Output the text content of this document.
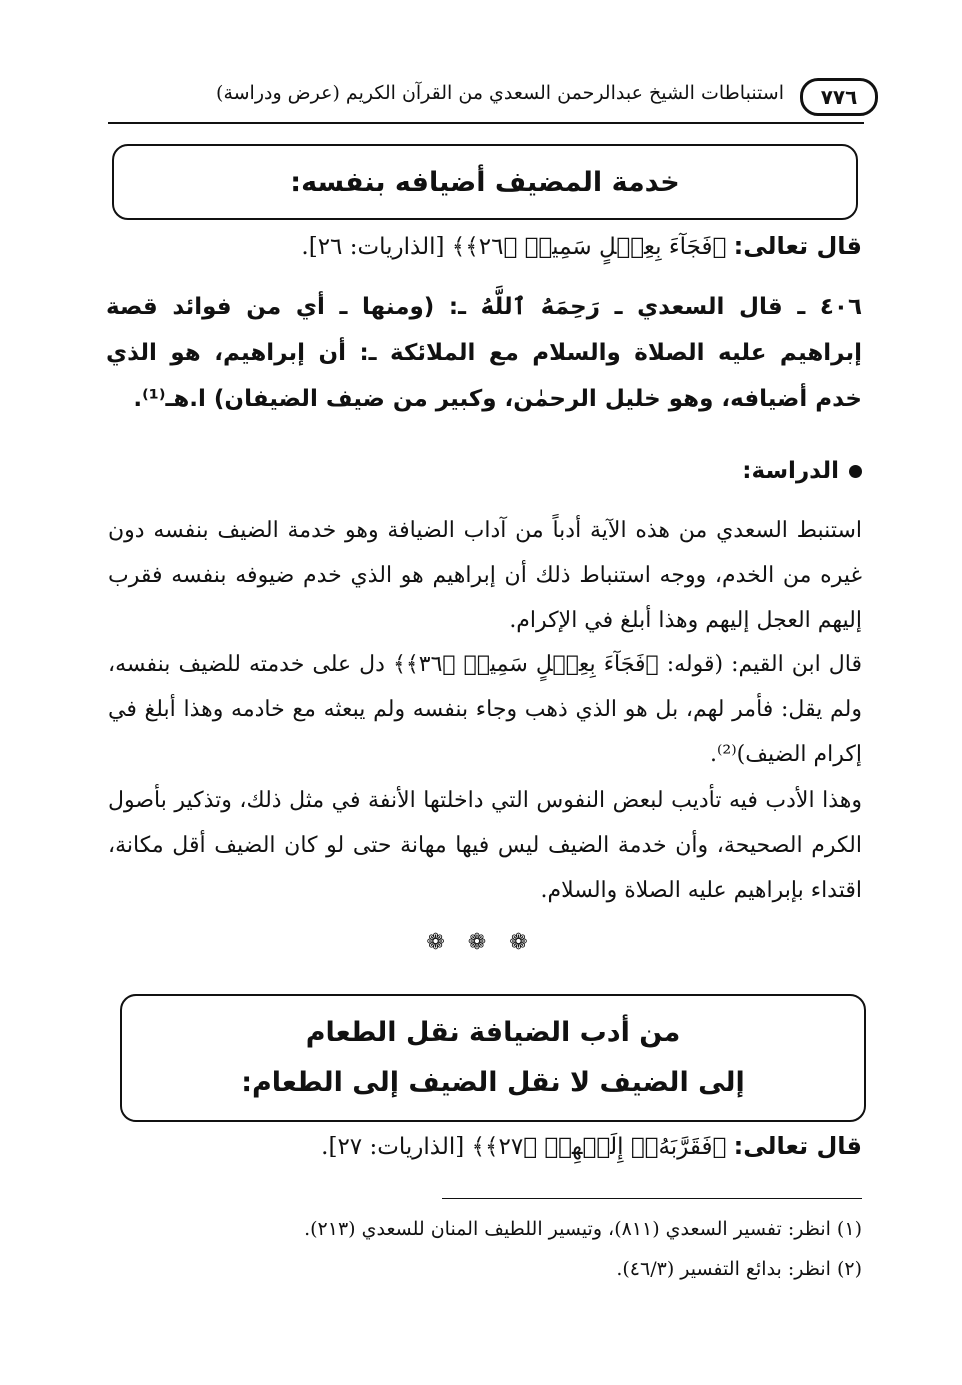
٧٧٦
استنباطات الشيخ عبدالرحمن السعدي من القرآن الكريم (عرض ودراسة)
خدمة المضيف أضيافه بنفسه:
قال تعالى: ﴿فَجَآءَ بِعِجۡلٍ سَمِينٖ ﴿٢٦﴾﴾ [الذاريات: ٢٦].
٤٠٦ ـ قال السعدي ـ رَحِمَهُ ٱللَّهُ ـ: (ومنها ـ أي من فوائد قصة إبراهيم عليه الصلاة والسلام مع الملائكة ـ: أن إبراهيم، هو الذي خدم أضيافه، وهو خليل الرحمٰن، وكبير من ضيف الضيفان) ا.هـ⁽¹⁾.
الدراسة:
استنبط السعدي من هذه الآية أدباً من آداب الضيافة وهو خدمة الضيف بنفسه دون غيره من الخدم، ووجه استنباط ذلك أن إبراهيم هو الذي خدم ضيوفه بنفسه فقرب إليهم العجل إليهم وهذا أبلغ في الإكرام.
قال ابن القيم: (قوله: ﴿فَجَآءَ بِعِجۡلٍ سَمِينٖ ﴿٣٦﴾﴾ دل على خدمته للضيف بنفسه، ولم يقل: فأمر لهم، بل هو الذي ذهب وجاء بنفسه ولم يبعثه مع خادمه وهذا أبلغ في إكرام الضيف)⁽²⁾.
وهذا الأدب فيه تأديب لبعض النفوس التي داخلتها الأنفة في مثل ذلك، وتذكير بأصول الكرم الصحيحة، وأن خدمة الضيف ليس فيها مهانة حتى لو كان الضيف أقل مكانة، اقتداء بإبراهيم عليه الصلاة والسلام.
❁ ❁ ❁
من أدب الضيافة نقل الطعام
إلى الضيف لا نقل الضيف إلى الطعام:
قال تعالى: ﴿فَقَرَّبَهُۥٓ إِلَيۡهِمۡ ﴿٢٧﴾﴾ [الذاريات: ٢٧].
(١) انظر: تفسير السعدي (٨١١)، وتيسير اللطيف المنان للسعدي (٢١٣).
(٢) انظر: بدائع التفسير (٤٦/٣).
